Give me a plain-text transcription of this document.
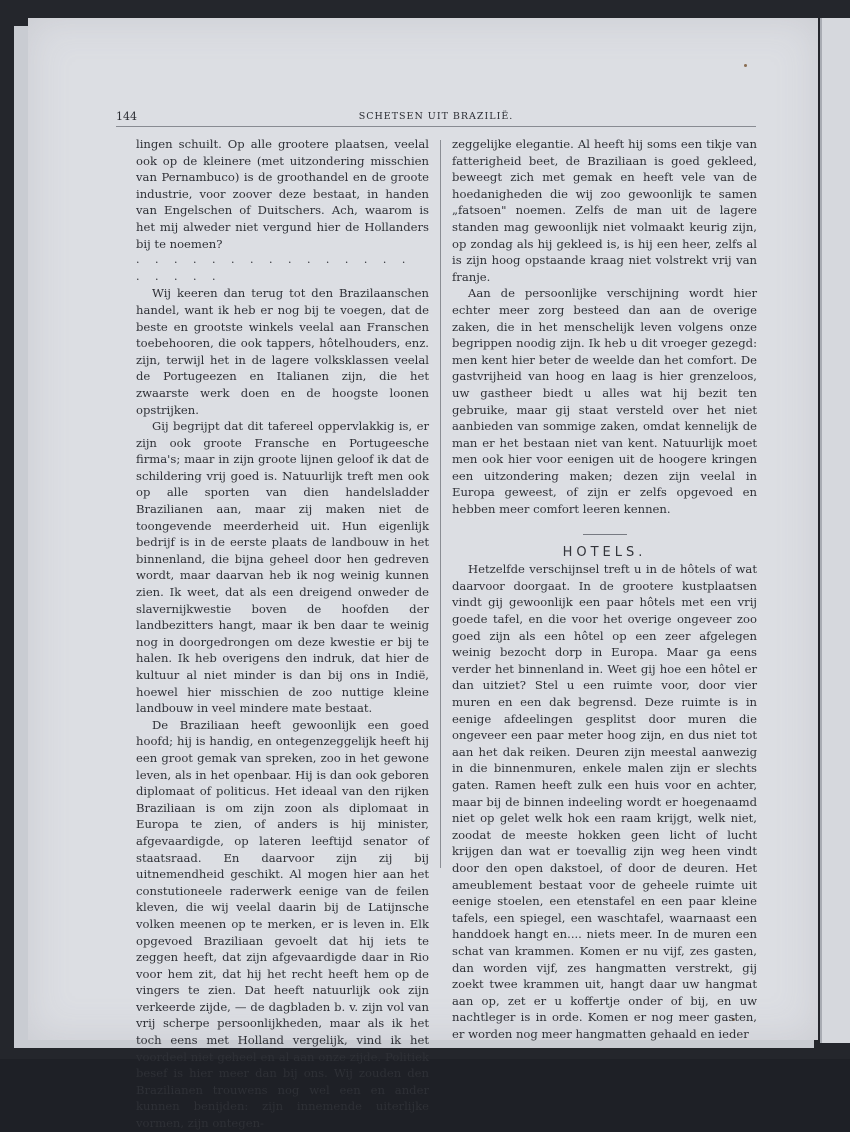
144	SCHETSEN UIT BRAZILIË.

lingen schuilt. Op alle grootere plaatsen, veelal ook op de kleinere (met uitzondering misschien van Pernambuco) is de groothandel en de groote industrie, voor zoover deze bestaat, in handen van Engelschen of Duitschers. Ach, waarom is het mij alweder niet vergund hier de Hollanders bij te noemen?

. . . . . . . . . . . . . . . . . . . .

Wij keeren dan terug tot den Brazilaanschen handel, want ik heb er nog bij te voegen, dat de beste en grootste winkels veelal aan Franschen toebehooren, die ook tappers, hôtelhouders, enz. zijn, terwijl het in de lagere volksklassen veelal de Portugeezen en Italianen zijn, die het zwaarste werk doen en de hoogste loonen opstrijken.

Gij begrijpt dat dit tafereel oppervlakkig is, er zijn ook groote Fransche en Portugeesche firma's; maar in zijn groote lijnen geloof ik dat de schildering vrij goed is. Natuurlijk treft men ook op alle sporten van dien handelsladder Brazilianen aan, maar zij maken niet de toongevende meerderheid uit. Hun eigenlijk bedrijf is in de eerste plaats de landbouw in het binnenland, die bijna geheel door hen gedreven wordt, maar daarvan heb ik nog weinig kunnen zien. Ik weet, dat als een dreigend onweder de slavernijkwestie boven de hoofden der landbezitters hangt, maar ik ben daar te weinig nog in doorgedrongen om deze kwestie er bij te halen. Ik heb overigens den indruk, dat hier de kultuur al niet minder is dan bij ons in Indië, hoewel hier misschien de zoo nuttige kleine landbouw in veel mindere mate bestaat.

De Braziliaan heeft gewoonlijk een goed hoofd; hij is handig, en ontegenzeggelijk heeft hij een groot gemak van spreken, zoo in het gewone leven, als in het openbaar. Hij is dan ook geboren diplomaat of politicus. Het ideaal van den rijken Braziliaan is om zijn zoon als diplomaat in Europa te zien, of anders is hij minister, afgevaardigde, op lateren leeftijd senator of staatsraad. En daarvoor zijn zij bij uitnemendheid geschikt. Al mogen hier aan het constutioneele raderwerk eenige van de feilen kleven, die wij veelal daarin bij de Latijnsche volken meenen op te merken, er is leven in. Elk opgevoed Braziliaan gevoelt dat hij iets te zeggen heeft, dat zijn afgevaardigde daar in Rio voor hem zit, dat hij het recht heeft hem op de vingers te zien. Dat heeft natuurlijk ook zijn verkeerde zijde, — de dagbladen b. v. zijn vol van vrij scherpe persoonlijkheden, maar als ik het toch eens met Holland vergelijk, vind ik het voordeel niet geheel en al aan onze zijde. Politiek besef is hier meer dan bij ons. Wij zouden den Brazilianen trouwens nog wel een en ander kunnen benijden: zijn innemende uiterlijke vormen, zijn ontegen-

zeggelijke elegantie. Al heeft hij soms een tikje van fatterigheid beet, de Braziliaan is goed gekleed, beweegt zich met gemak en heeft vele van de hoedanigheden die wij zoo gewoonlijk te samen „fatsoen" noemen. Zelfs de man uit de lagere standen mag gewoonlijk niet volmaakt keurig zijn, op zondag als hij gekleed is, is hij een heer, zelfs al is zijn hoog opstaande kraag niet volstrekt vrij van franje.

Aan de persoonlijke verschijning wordt hier echter meer zorg besteed dan aan de overige zaken, die in het menschelijk leven volgens onze begrippen noodig zijn. Ik heb u dit vroeger gezegd: men kent hier beter de weelde dan het comfort. De gastvrijheid van hoog en laag is hier grenzeloos, uw gastheer biedt u alles wat hij bezit ten gebruike, maar gij staat versteld over het niet aanbieden van sommige zaken, omdat kennelijk de man er het bestaan niet van kent. Natuurlijk moet men ook hier voor eenigen uit de hoogere kringen een uitzondering maken; dezen zijn veelal in Europa geweest, of zijn er zelfs opgevoed en hebben meer comfort leeren kennen.

HOTELS.

Hetzelfde verschijnsel treft u in de hôtels of wat daarvoor doorgaat. In de grootere kustplaatsen vindt gij gewoonlijk een paar hôtels met een vrij goede tafel, en die voor het overige ongeveer zoo goed zijn als een hôtel op een zeer afgelegen weinig bezocht dorp in Europa. Maar ga eens verder het binnenland in. Weet gij hoe een hôtel er dan uitziet? Stel u een ruimte voor, door vier muren en een dak begrensd. Deze ruimte is in eenige afdeelingen gesplitst door muren die ongeveer een paar meter hoog zijn, en dus niet tot aan het dak reiken. Deuren zijn meestal aanwezig in die binnenmuren, enkele malen zijn er slechts gaten. Ramen heeft zulk een huis voor en achter, maar bij de binnen indeeling wordt er hoegenaamd niet op gelet welk hok een raam krijgt, welk niet, zoodat de meeste hokken geen licht of lucht krijgen dan wat er toevallig zijn weg heen vindt door den open dakstoel, of door de deuren. Het ameublement bestaat voor de geheele ruimte uit eenige stoelen, een etenstafel en een paar kleine tafels, een spiegel, een waschtafel, waarnaast een handdoek hangt en.... niets meer. In de muren een schat van krammen. Komen er nu vijf, zes gasten, dan worden vijf, zes hangmatten verstrekt, gij zoekt twee krammen uit, hangt daar uw hangmat aan op, zet er u koffertje onder of bij, en uw nachtleger is in orde. Komen er nog meer gasten, er worden nog meer hangmatten gehaald en ieder
